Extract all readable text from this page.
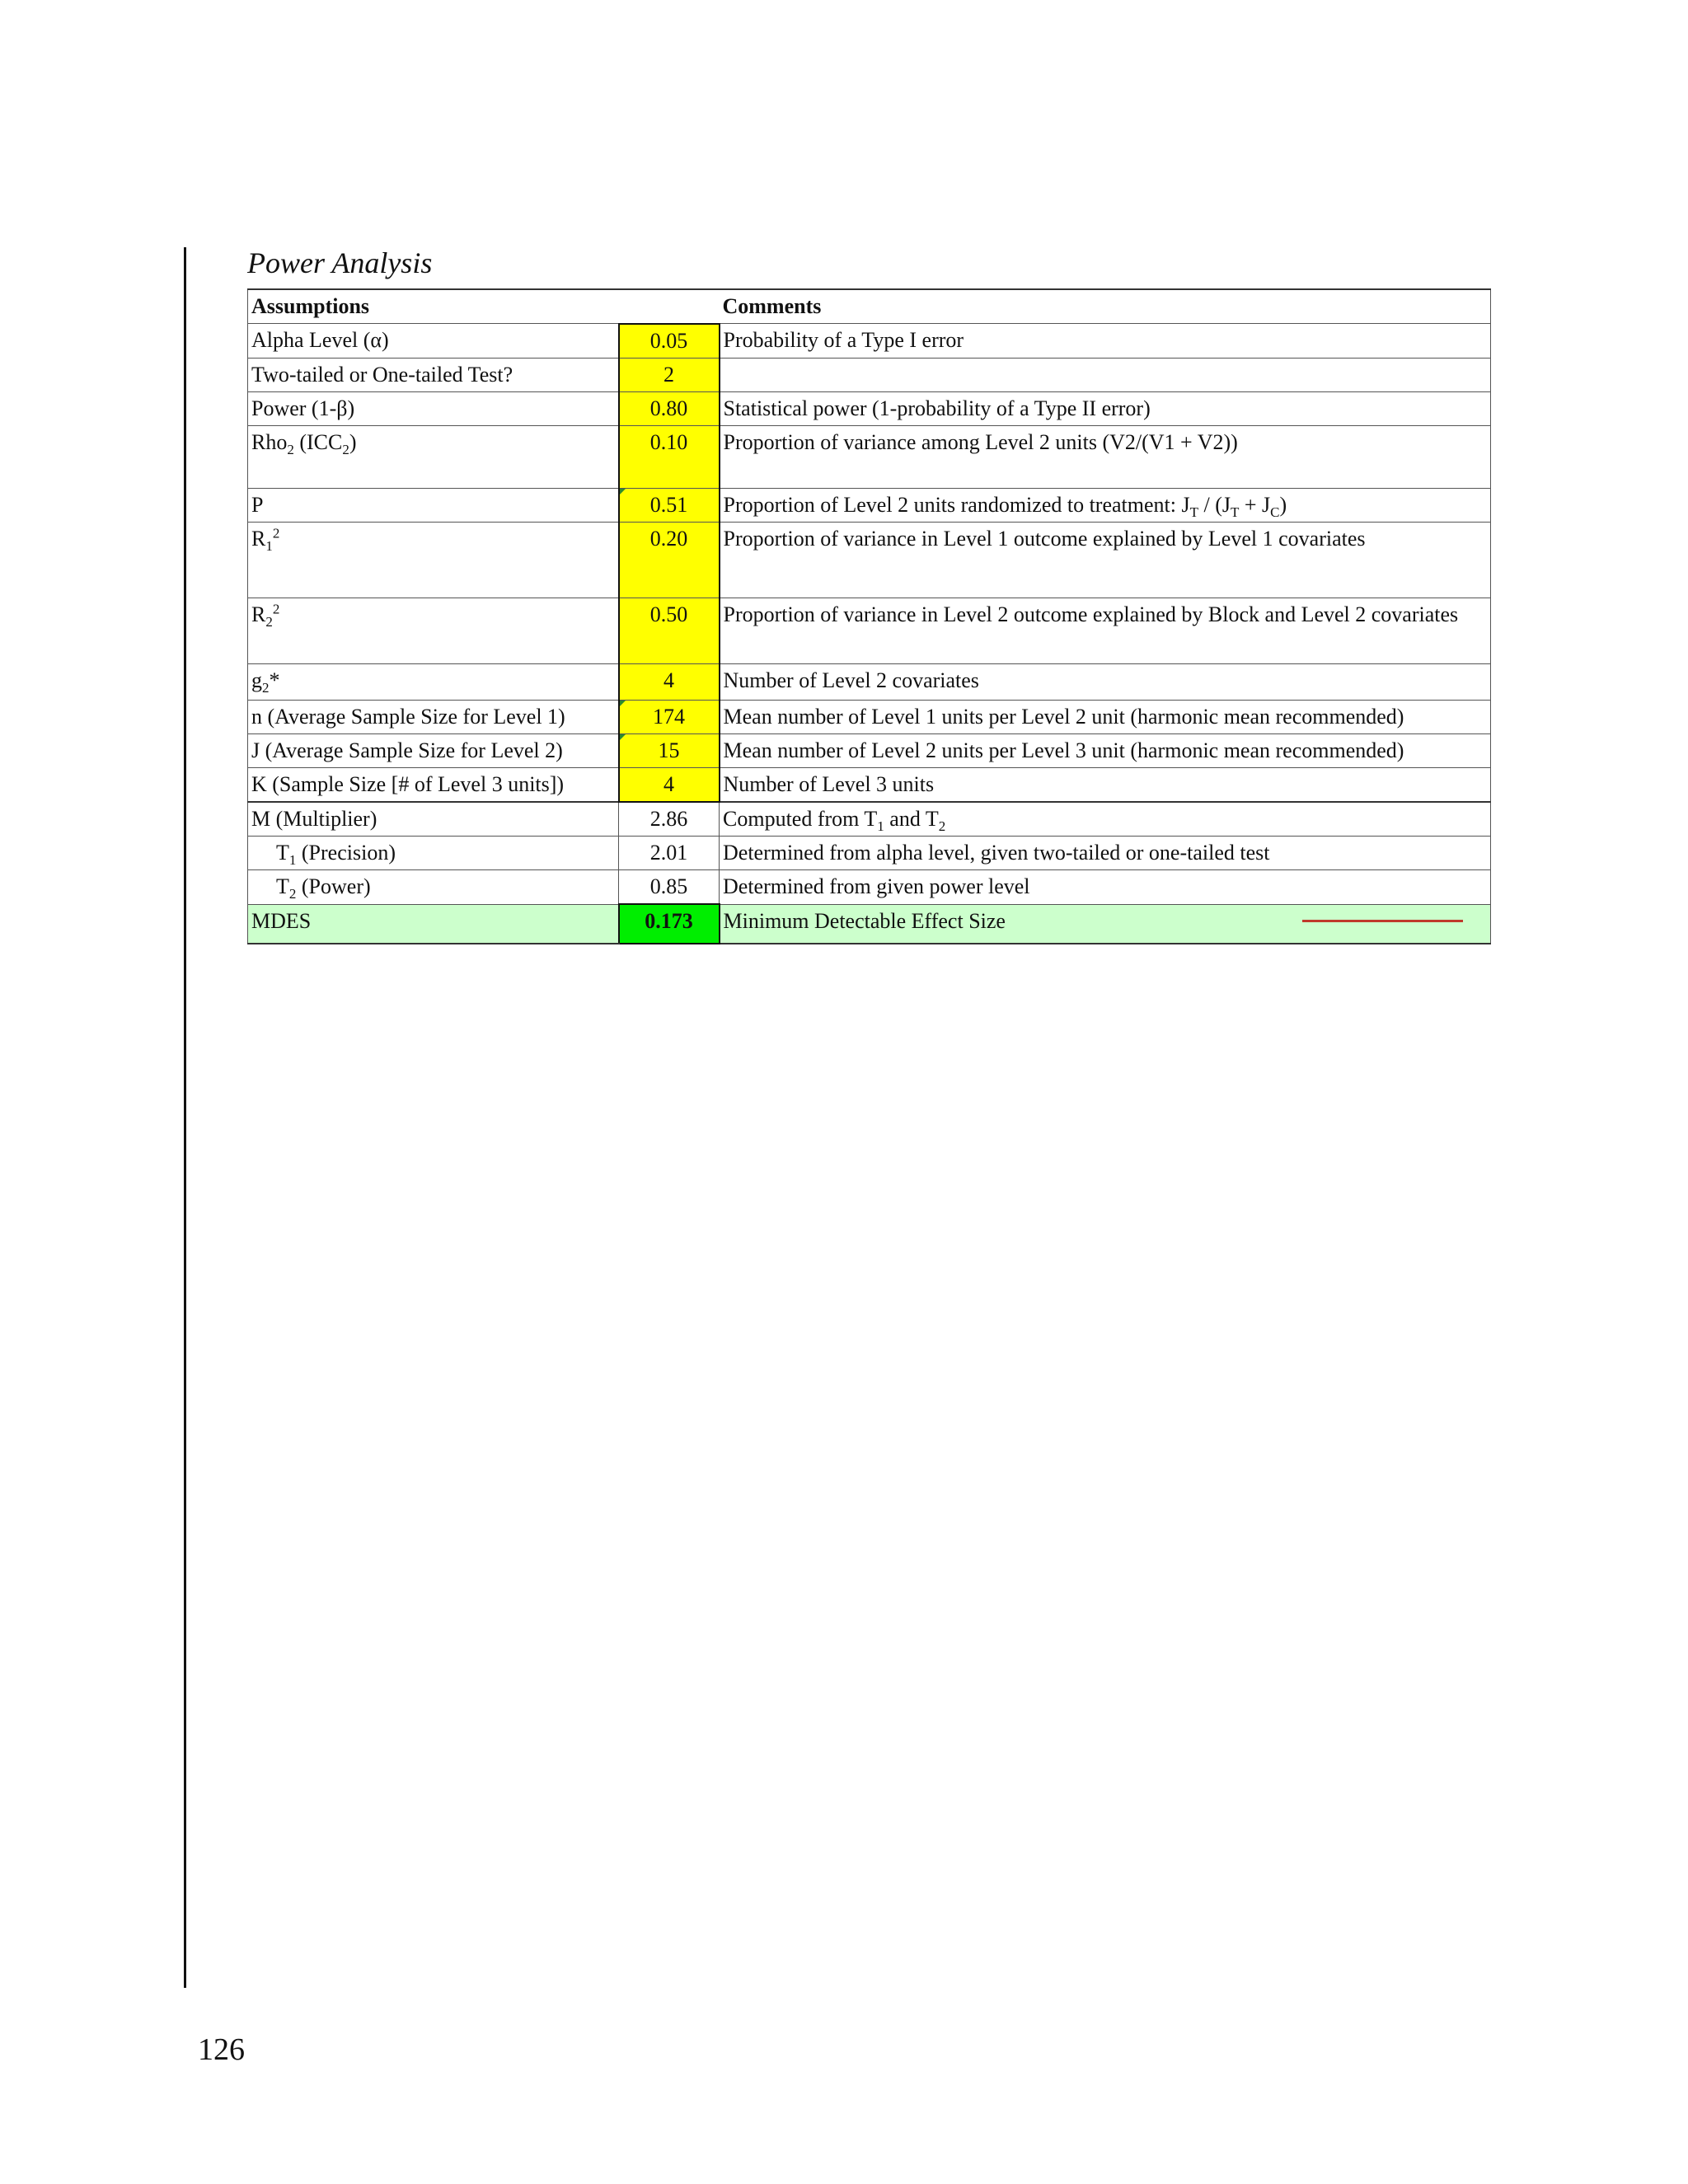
Power Analysis
Assumptions		Comments
Alpha Level (α)	0.05	Probability of a Type I error
Two-tailed or One-tailed Test?	2	
Power (1-β)	0.80	Statistical power (1-probability of a Type II error)
Rho$_2$ $(ICC_2)$	0.10	Proportion of variance among Level 2 units (V2/(V1 + V2))
P	0.51	Proportion of Level 2 units randomized to treatment: $J_T / (J_T + J_C)$
$R_1^2$	0.20	Proportion of variance in Level 1 outcome explained by Level 1 covariates
$R_2^2$	0.50	Proportion of variance in Level 2 outcome explained by Block and Level 2 covariates
$g_2*$	4	Number of Level 2 covariates
n (Average Sample Size for Level 1)	174	Mean number of Level 1 units per Level 2 unit (harmonic mean recommended)
J (Average Sample Size for Level 2)	15	Mean number of Level 2 units per Level 3 unit (harmonic mean recommended)
K (Sample Size [# of Level 3 units])	4	Number of Level 3 units
M (Multiplier)	2.86	Computed from $T_1$ and $T_2$
$T_1$ (Precision)	2.01	Determined from alpha level, given two-tailed or one-tailed test
$T_2$ (Power)	0.85	Determined from given power level
MDES	0.173	Minimum Detectable Effect Size
126
